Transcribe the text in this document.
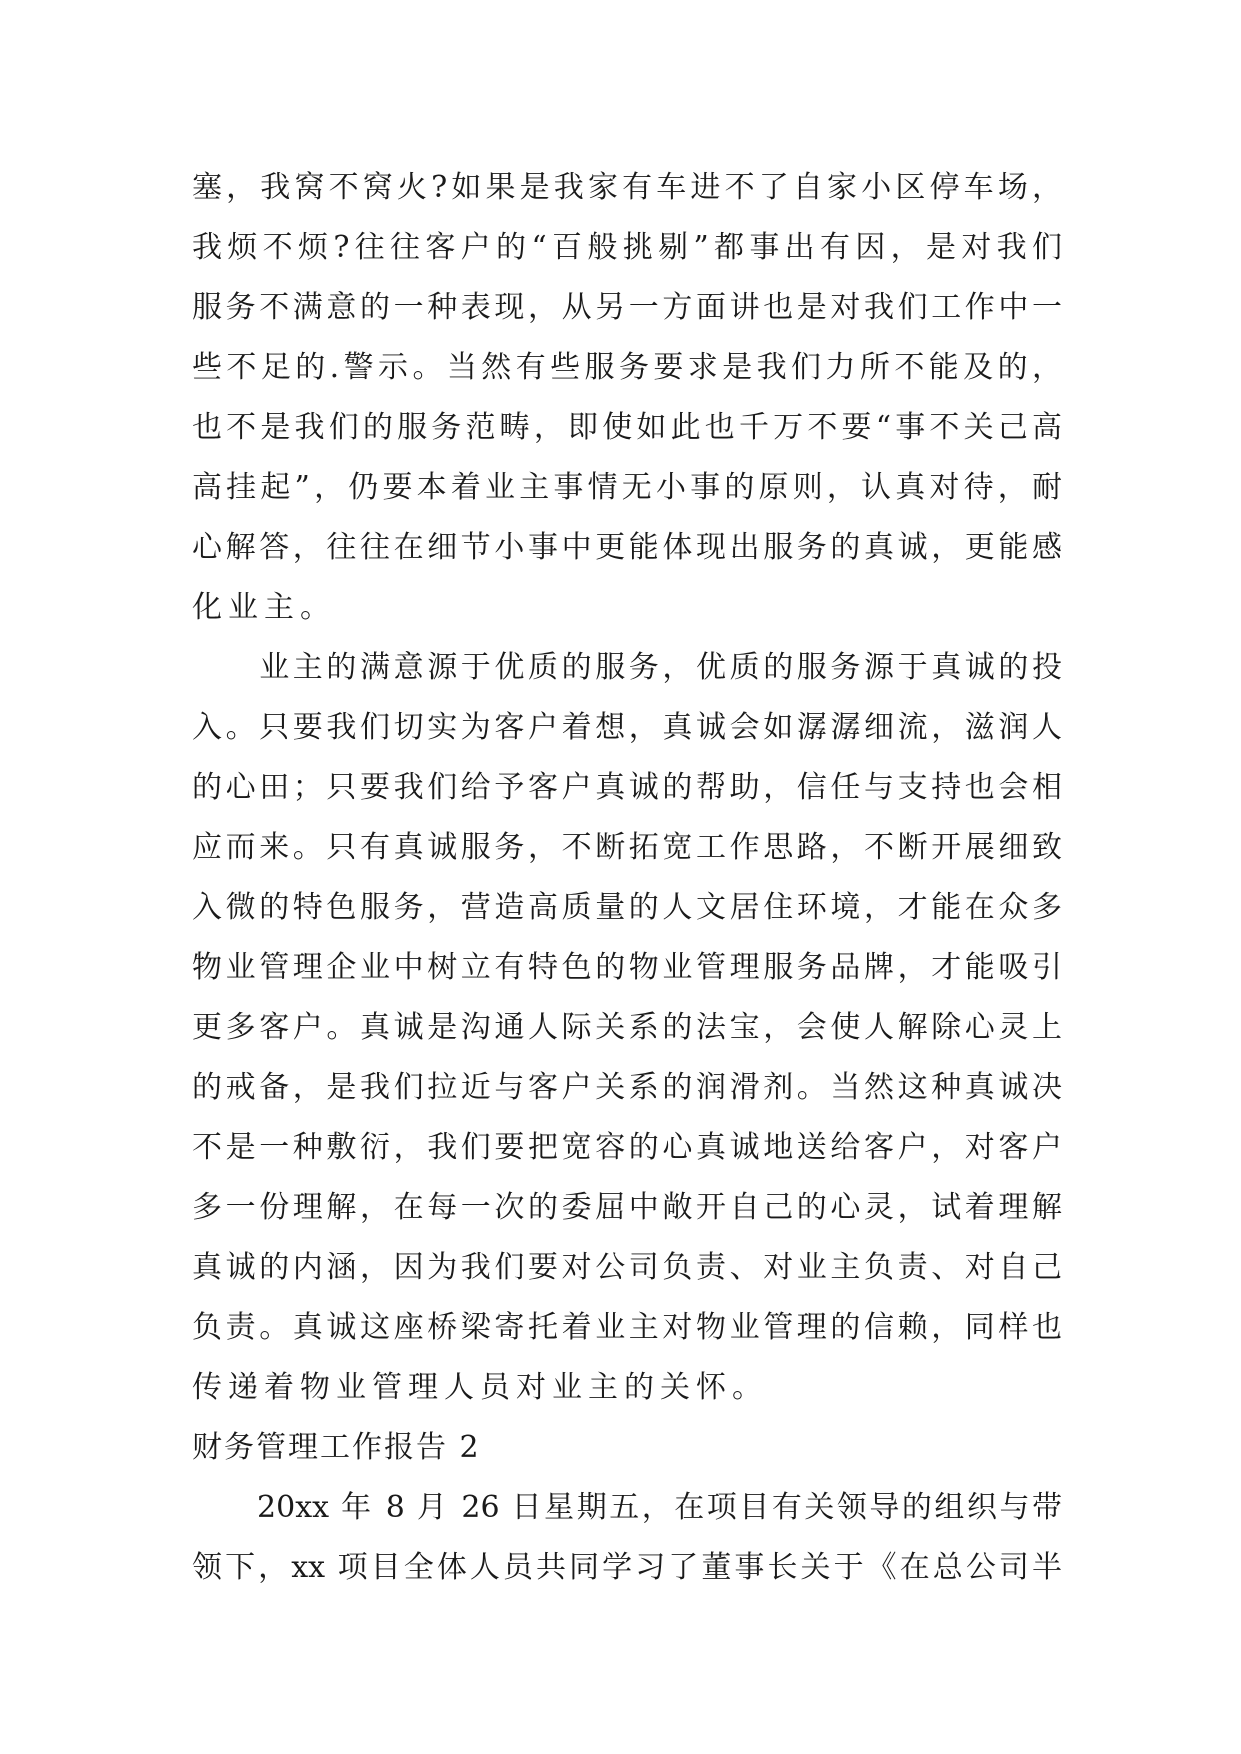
塞，我窝不窝火?如果是我家有车进不了自家小区停车场，
我烦不烦?往往客户的“百般挑剔”都事出有因，是对我们
服务不满意的一种表现，从另一方面讲也是对我们工作中一
些不足的.警示。当然有些服务要求是我们力所不能及的，
也不是我们的服务范畴，即使如此也千万不要“事不关己高
高挂起”，仍要本着业主事情无小事的原则，认真对待，耐
心解答，往往在细节小事中更能体现出服务的真诚，更能感
化业主。
　　业主的满意源于优质的服务，优质的服务源于真诚的投
入。只要我们切实为客户着想，真诚会如潺潺细流，滋润人
的心田；只要我们给予客户真诚的帮助，信任与支持也会相
应而来。只有真诚服务，不断拓宽工作思路，不断开展细致
入微的特色服务，营造高质量的人文居住环境，才能在众多
物业管理企业中树立有特色的物业管理服务品牌，才能吸引
更多客户。真诚是沟通人际关系的法宝，会使人解除心灵上
的戒备，是我们拉近与客户关系的润滑剂。当然这种真诚决
不是一种敷衍，我们要把宽容的心真诚地送给客户，对客户
多一份理解，在每一次的委屈中敞开自己的心灵，试着理解
真诚的内涵，因为我们要对公司负责、对业主负责、对自己
负责。真诚这座桥梁寄托着业主对物业管理的信赖，同样也
传递着物业管理人员对业主的关怀。
财务管理工作报告 2
　　20xx 年 8 月 26 日星期五，在项目有关领导的组织与带
领下，xx 项目全体人员共同学习了董事长关于《在总公司半
